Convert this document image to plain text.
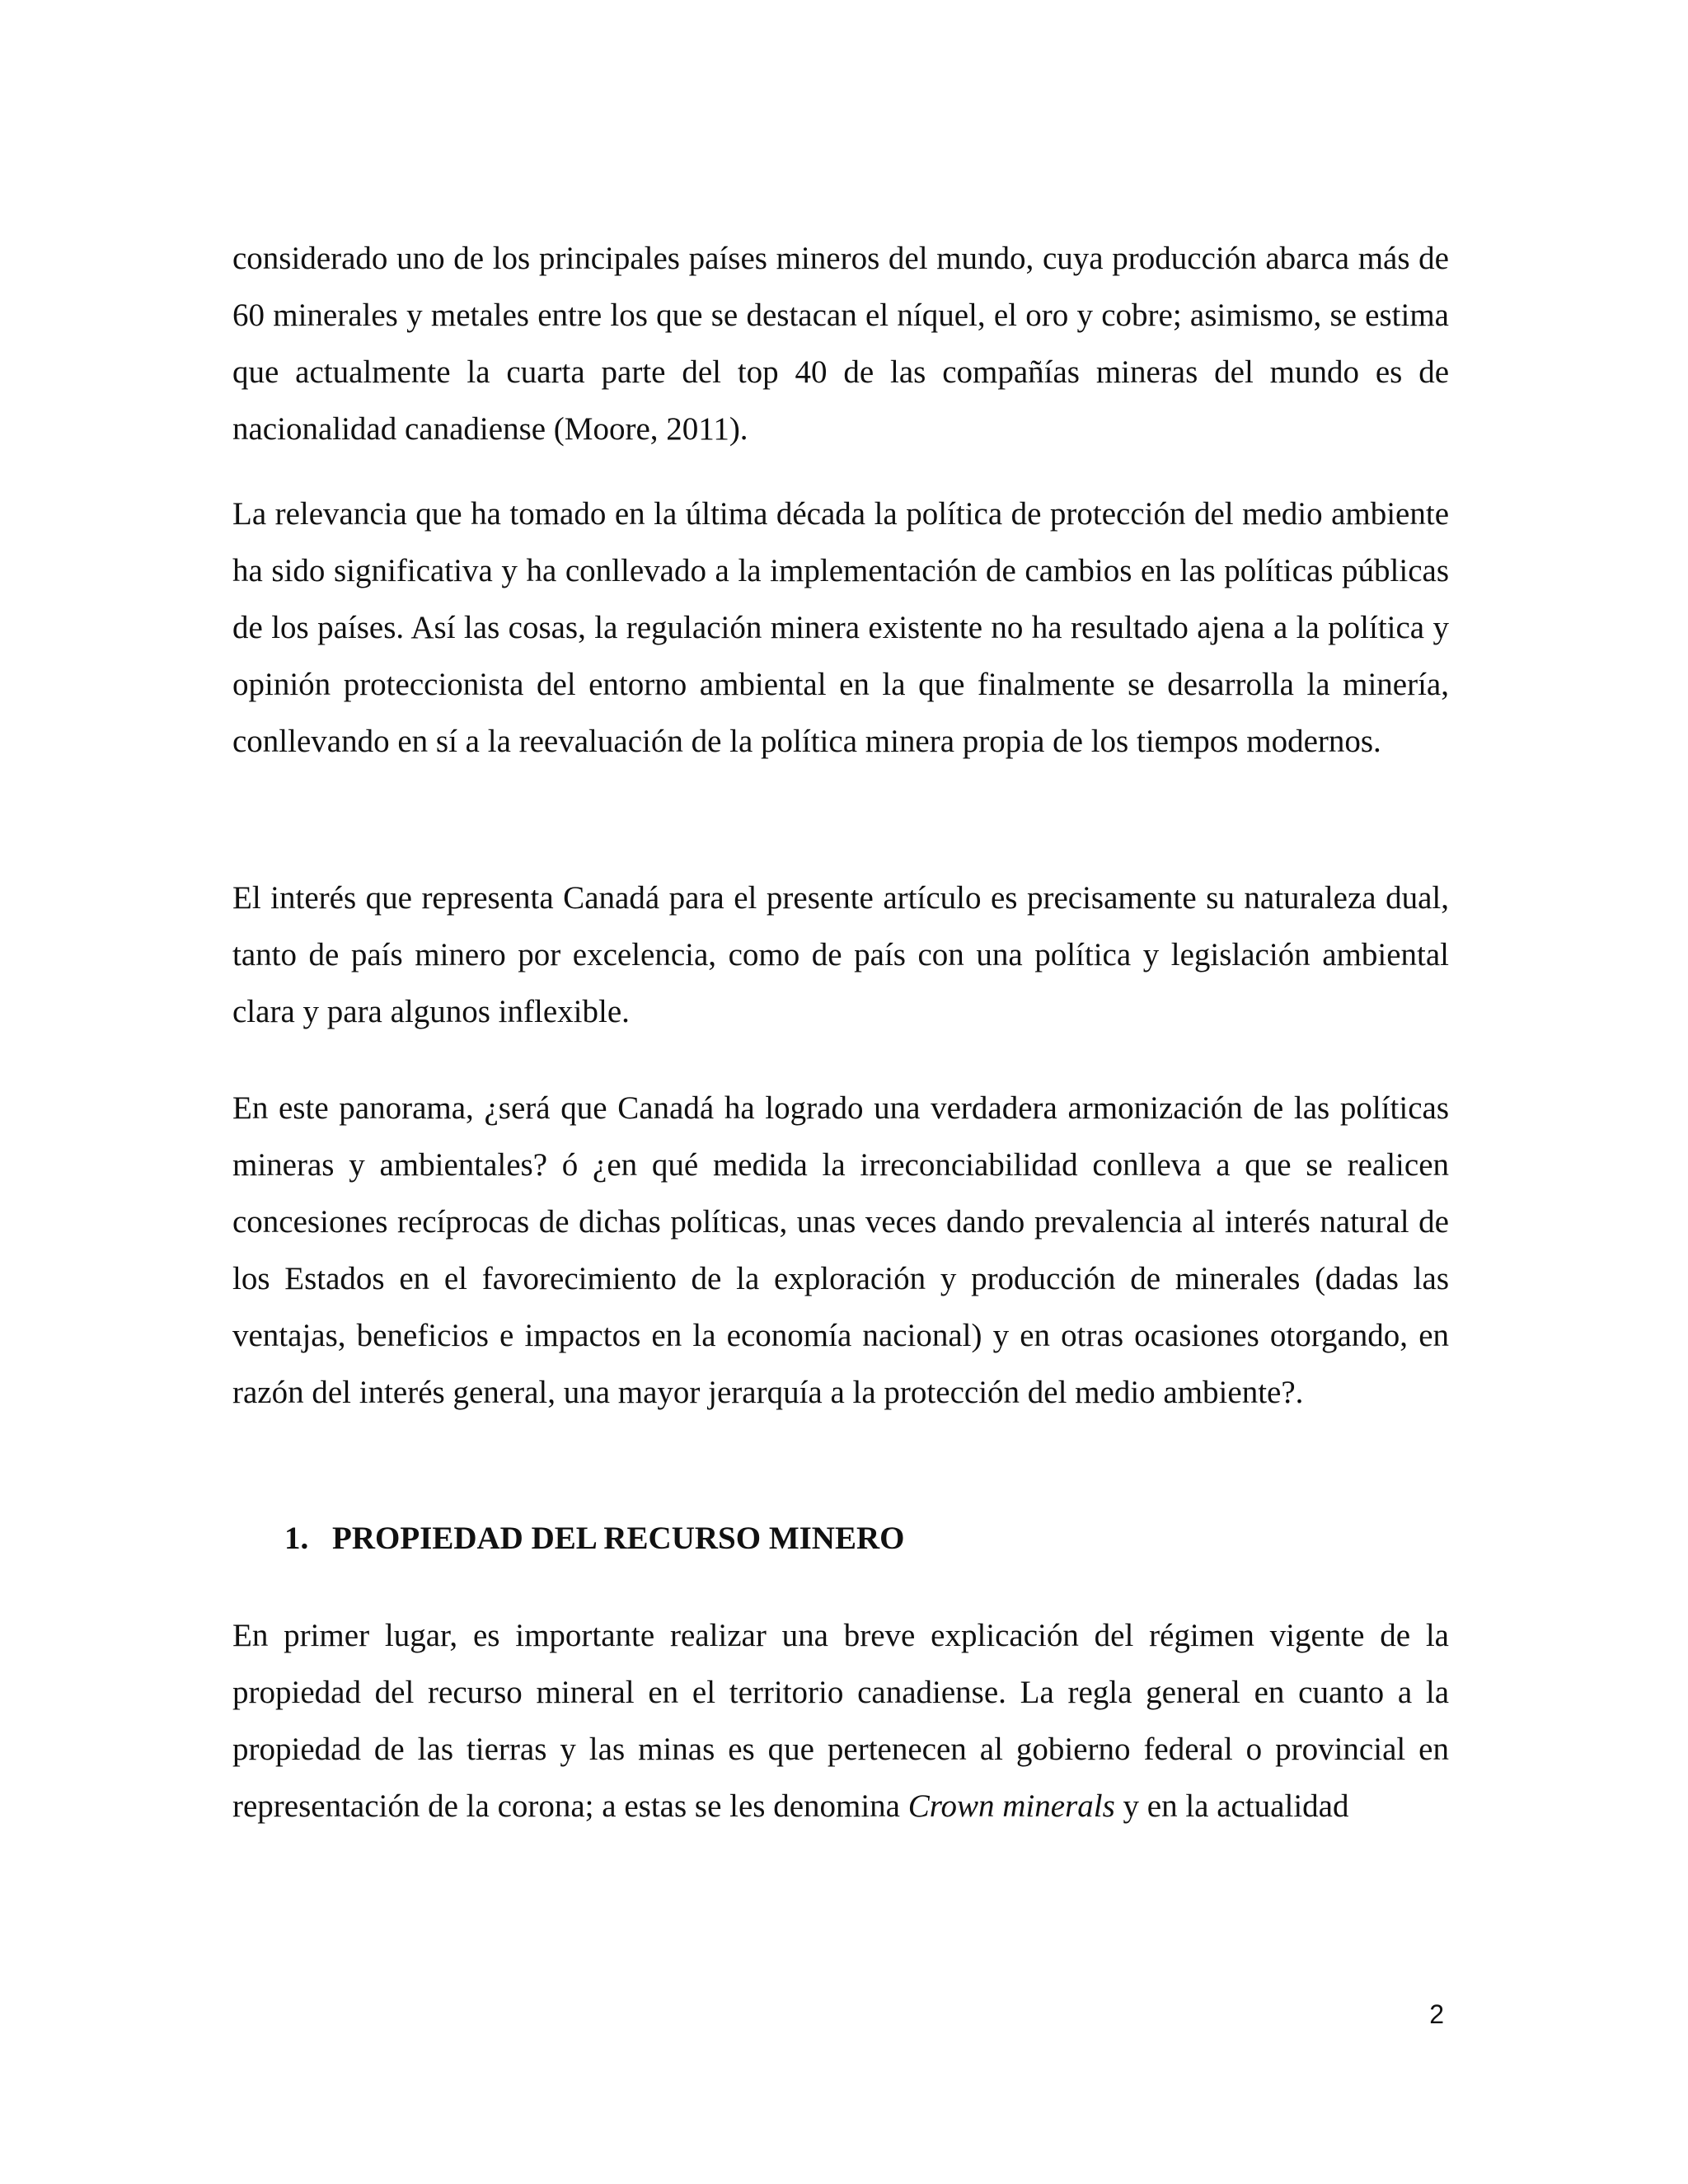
considerado uno de los principales países mineros del mundo, cuya producción abarca más de 60 minerales y metales entre los que se destacan el níquel, el oro y cobre; asimismo, se estima que actualmente la cuarta parte del top 40 de las compañías mineras del mundo es de nacionalidad canadiense (Moore, 2011).

La relevancia que ha tomado en la última década la política de protección del medio ambiente ha sido significativa y ha conllevado a la implementación de cambios en las políticas públicas de los países. Así las cosas, la regulación minera existente no ha resultado ajena a la política y opinión proteccionista del entorno ambiental en la que finalmente se desarrolla la minería, conllevando en sí a la reevaluación de la política minera propia de los tiempos modernos.

El interés que representa Canadá para el presente artículo es precisamente su naturaleza dual, tanto de país minero por excelencia, como de país con una política y legislación ambiental clara y para algunos inflexible.

En este panorama, ¿será que Canadá ha logrado una verdadera armonización de las políticas mineras y ambientales? ó ¿en qué medida la irreconciabilidad conlleva a que se realicen concesiones recíprocas de dichas políticas, unas veces dando prevalencia al interés natural de los Estados en el favorecimiento de la exploración y producción de minerales (dadas las ventajas, beneficios e impactos en la economía nacional) y en otras ocasiones otorgando, en razón del interés general, una mayor jerarquía a la protección del medio ambiente?.

1. PROPIEDAD DEL RECURSO MINERO

En primer lugar, es importante realizar una breve explicación del régimen vigente de la propiedad del recurso mineral en el territorio canadiense. La regla general en cuanto a la propiedad de las tierras y las minas es que pertenecen al gobierno federal o provincial en representación de la corona; a estas se les denomina Crown minerals y en la actualidad

2
